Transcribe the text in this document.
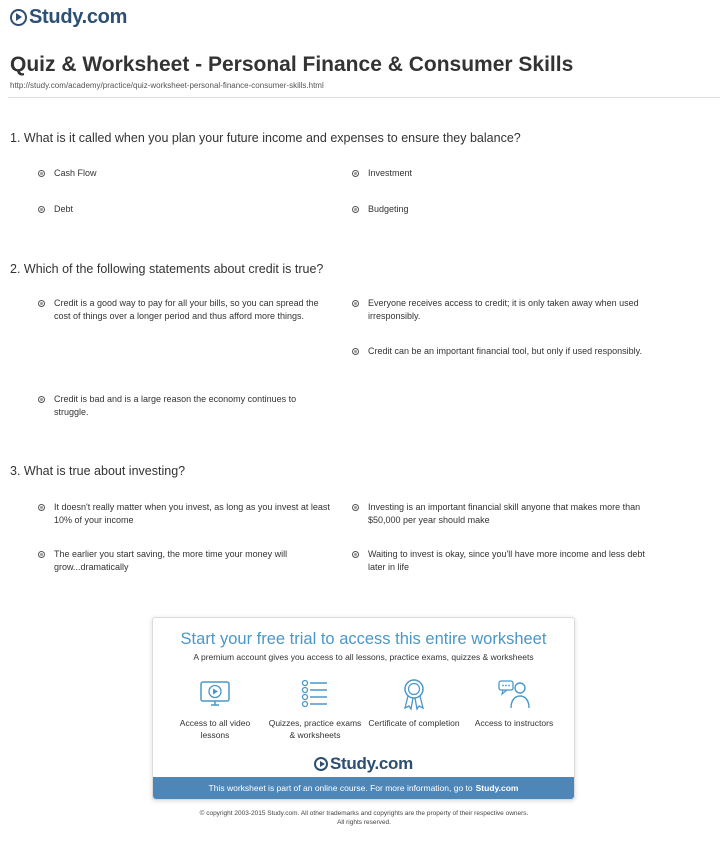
Study.com
Quiz & Worksheet - Personal Finance & Consumer Skills
http://study.com/academy/practice/quiz-worksheet-personal-finance-consumer-skills.html
1. What is it called when you plan your future income and expenses to ensure they balance?
Cash Flow	Investment
Debt	Budgeting
2. Which of the following statements about credit is true?
Credit is a good way to pay for all your bills, so you can spread the cost of things over a longer period and thus afford more things.
Everyone receives access to credit; it is only taken away when used irresponsibly.
Credit can be an important financial tool, but only if used responsibly.
Credit is bad and is a large reason the economy continues to struggle.
3. What is true about investing?
It doesn't really matter when you invest, as long as you invest at least 10% of your income
Investing is an important financial skill anyone that makes more than $50,000 per year should make
The earlier you start saving, the more time your money will grow...dramatically
Waiting to invest is okay, since you'll have more income and less debt later in life
Start your free trial to access this entire worksheet
A premium account gives you access to all lessons, practice exams, quizzes & worksheets
Access to all video lessons
Quizzes, practice exams & worksheets
Certificate of completion	Access to instructors
Study.com
This worksheet is part of an online course. For more information, go to Study.com
© copyright 2003-2015 Study.com. All other trademarks and copyrights are the property of their respective owners.
All rights reserved.
